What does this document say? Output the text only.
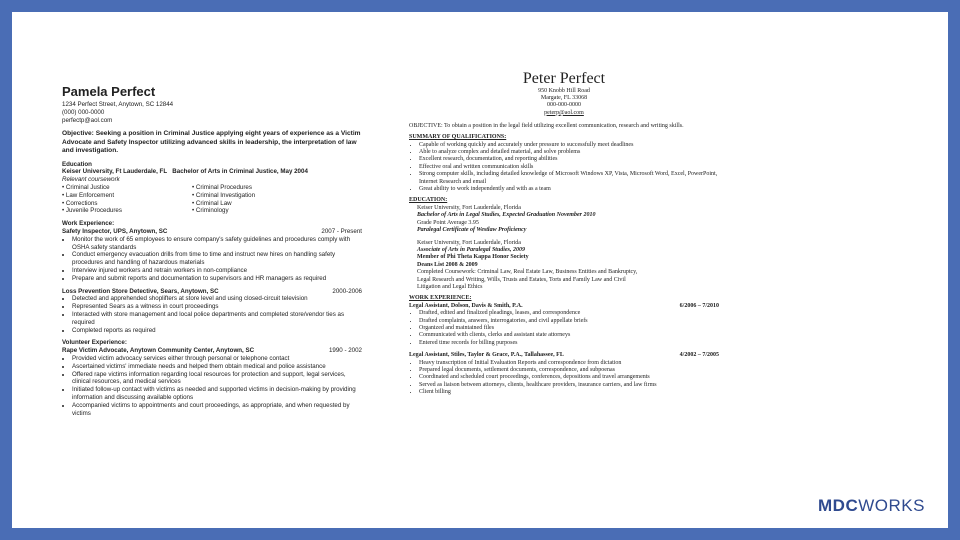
Pamela Perfect
1234 Perfect Street, Anytown, SC 12844
(000) 000-0000
perfectp@aol.com
Objective: Seeking a position in Criminal Justice applying eight years of experience as a Victim Advocate and Safety Inspector utilizing advanced skills in leadership, the interpretation of law and investigation.
Education
Keiser University, Ft Lauderdale, FL Bachelor of Arts in Criminal Justice, May 2004
Relevant coursework
• Criminal Justice	• Criminal Procedures
• Law Enforcement	• Criminal Investigation
• Corrections	• Criminal Law
• Juvenile Procedures	• Criminology
Work Experience:
Safety Inspector, UPS, Anytown, SC	2007 - Present
• Monitor the work of 65 employees to ensure company's safety guidelines and procedures comply with OSHA safety standards
• Conduct emergency evacuation drills from time to time and instruct new hires on handling safety procedures and handling of hazardous materials
• Interview injured workers and retrain workers in non-compliance
• Prepare and submit reports and documentation to supervisors and HR managers as required
Loss Prevention Store Detective, Sears, Anytown, SC	2000-2006
• Detected and apprehended shoplifters at store level and using closed-circuit television
• Represented Sears as a witness in court proceedings
• Interacted with store management and local police departments and completed store/vendor ties as required
• Completed reports as required
Volunteer Experience:
Rape Victim Advocate, Anytown Community Center, Anytown, SC	1990 - 2002
• Provided victim advocacy services either through personal or telephone contact
• Ascertained victims' immediate needs and helped them obtain medical and police assistance
• Offered rape victims information regarding local resources for protection and support, legal services, clinical resources, and medical services
• Initiated follow-up contact with victims as needed and supported victims in decision-making by providing information and discussing available options
• Accompanied victims to appointments and court proceedings, as appropriate, and when requested by victims
Peter Perfect
950 Knobb Hill Road
Margate, FL 33068
000-000-0000
peterp@aol.com
OBJECTIVE: To obtain a position in the legal field utilizing excellent communication, research and writing skills.
SUMMARY OF QUALIFICATIONS:
• Capable of working quickly and accurately under pressure to successfully meet deadlines
• Able to analyze complex and detailed material, and solve problems
• Excellent research, documentation, and reporting abilities
• Effective oral and written communication skills
• Strong computer skills, including detailed knowledge of Microsoft Windows XP, Vista, Microsoft Word, Excel, PowerPoint, Internet Research and email
• Great ability to work independently and with as a team
EDUCATION:
Keiser University, Fort Lauderdale, Florida
Bachelor of Arts in Legal Studies, Expected Graduation November 2010
Grade Point Average 3.95
Paralegal Certificate of Westlaw Proficiency
Keiser University, Fort Lauderdale, Florida
Associate of Arts in Paralegal Studies, 2009
Member of Phi Theta Kappa Honor Society
Deans List 2008 & 2009
Completed Coursework: Criminal Law, Real Estate Law, Business Entities and Bankruptcy,
Legal Research and Writing, Wills, Trusts and Estates, Torts and Family Law and Civil
Litigation and Legal Ethics
WORK EXPERIENCE:
Legal Assistant, Dolson, Davis & Smith, P.A.	6/2006 – 7/2010
• Drafted, edited and finalized pleadings, leases, and correspondence
• Drafted complaints, answers, interrogatories, and civil appellate briefs
• Organized and maintained files
• Communicated with clients, clerks and assistant state attorneys
• Entered time records for billing purposes
Legal Assistant, Stiles, Taylor & Grace, P.A., Tallahassee, FL	4/2002 – 7/2005
• Heavy transcription of Initial Evaluation Reports and correspondence from dictation
• Prepared legal documents, settlement documents, correspondence, and subpoenas
• Coordinated and scheduled court proceedings, conferences, depositions and travel arrangements
• Served as liaison between attorneys, clients, healthcare providers, insurance carriers, and law firms
• Client billing
MDCWORKS
